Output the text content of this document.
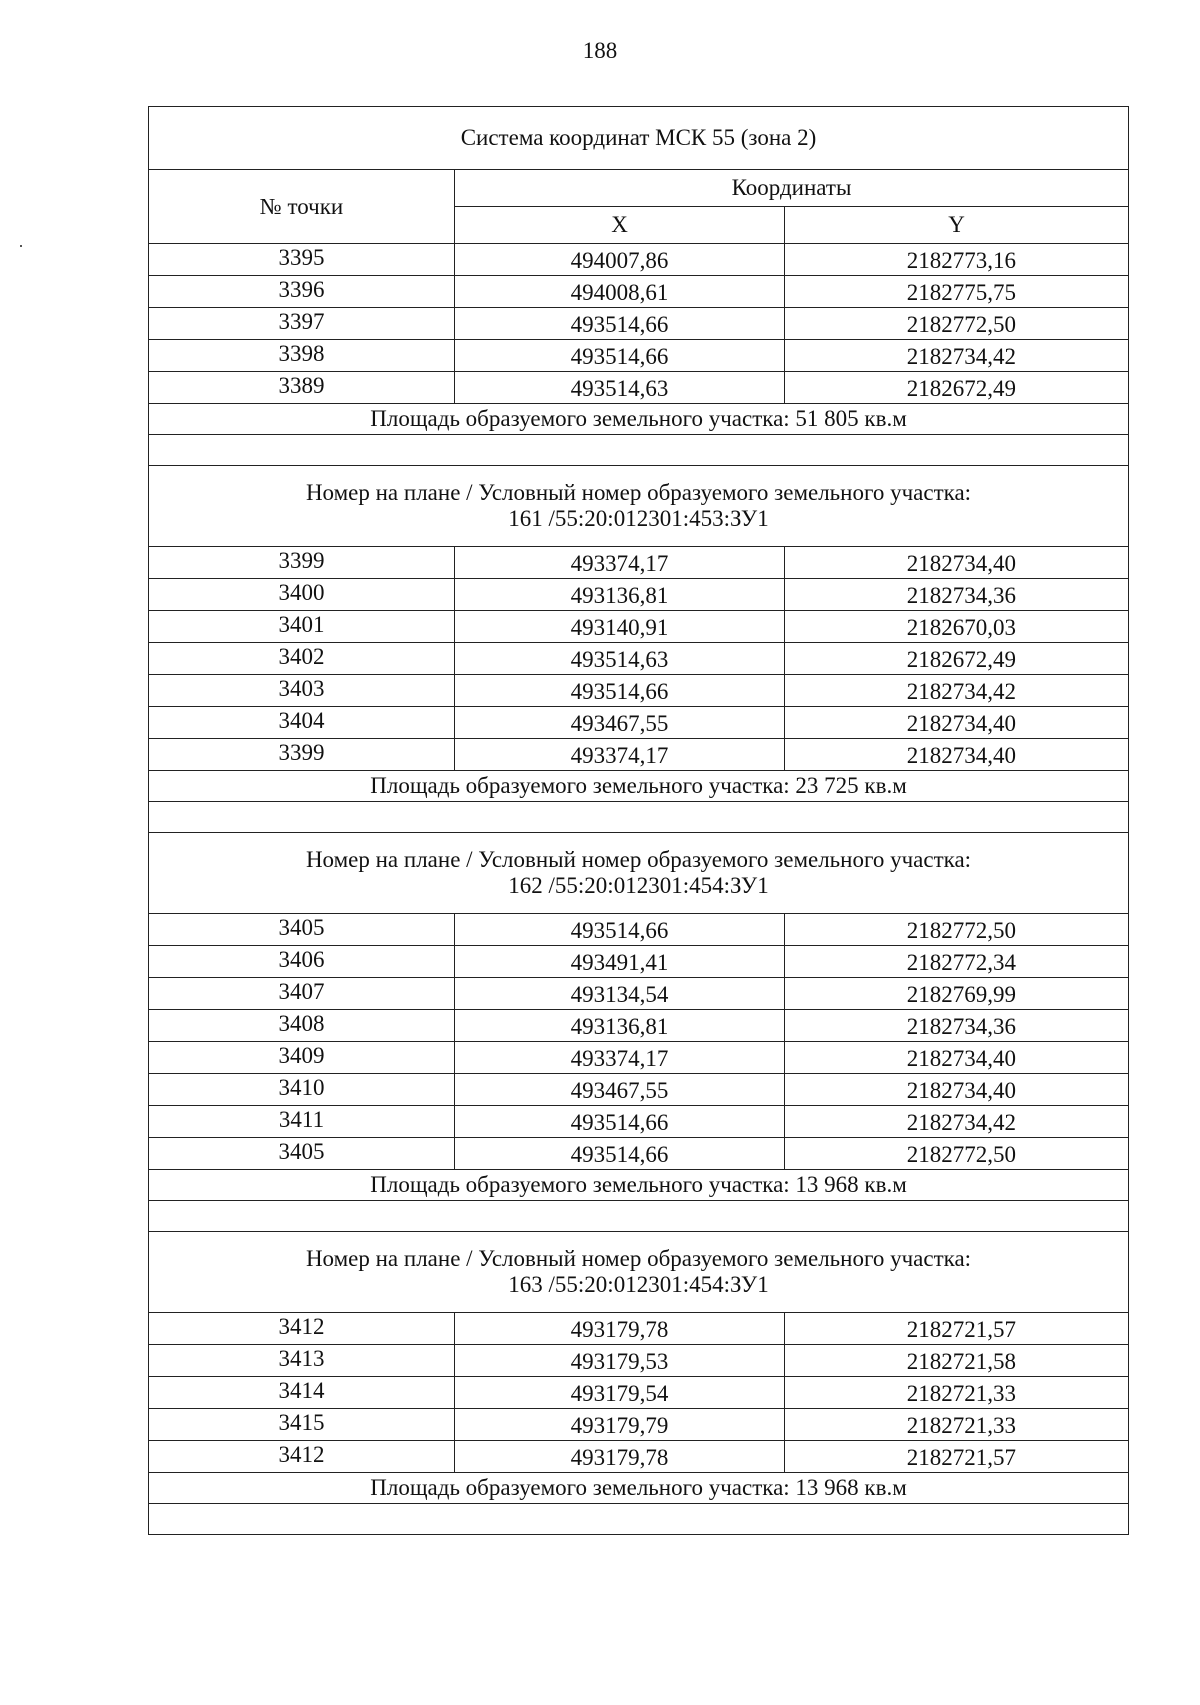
188
Система координат МСК 55 (зона 2)		
№ точки	Координаты	
	X	Y
3395	494007,86	2182773,16
3396	494008,61	2182775,75
3397	493514,66	2182772,50
3398	493514,66	2182734,42
3389	493514,63	2182672,49
Площадь образуемого земельного участка: 51 805 кв.м		

Номер на плане / Условный номер образуемого земельного участка:
161 /55:20:012301:453:ЗУ1		

3399	493374,17	2182734,40
3400	493136,81	2182734,36
3401	493140,91	2182670,03
3402	493514,63	2182672,49
3403	493514,66	2182734,42
3404	493467,55	2182734,40
3399	493374,17	2182734,40
Площадь образуемого земельного участка: 23 725 кв.м		

Номер на плане / Условный номер образуемого земельного участка:
162 /55:20:012301:454:ЗУ1		

3405	493514,66	2182772,50
3406	493491,41	2182772,34
3407	493134,54	2182769,99
3408	493136,81	2182734,36
3409	493374,17	2182734,40
3410	493467,55	2182734,40
3411	493514,66	2182734,42
3405	493514,66	2182772,50
Площадь образуемого земельного участка: 13 968 кв.м		

Номер на плане / Условный номер образуемого земельного участка:
163 /55:20:012301:454:ЗУ1		

3412	493179,78	2182721,57
3413	493179,53	2182721,58
3414	493179,54	2182721,33
3415	493179,79	2182721,33
3412	493179,78	2182721,57
Площадь образуемого земельного участка: 13 968 кв.м		
